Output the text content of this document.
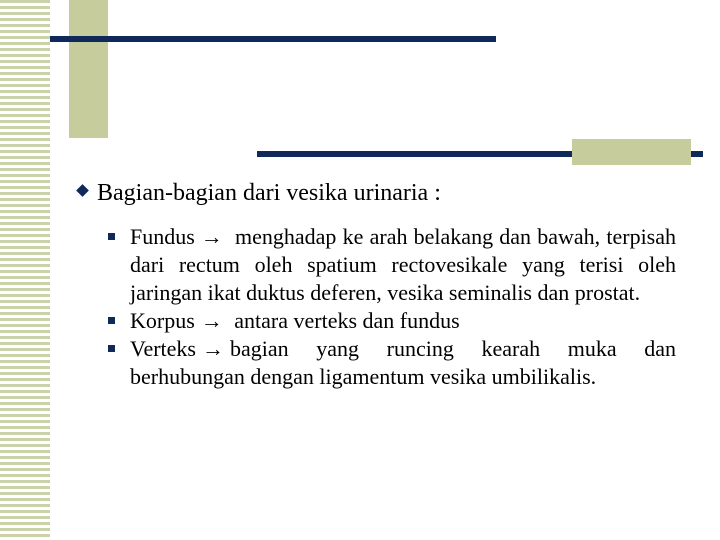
Bagian-bagian dari vesika urinaria :
Fundus → menghadap ke arah belakang dan bawah, terpisah dari rectum oleh spatium rectovesikale yang terisi oleh jaringan ikat duktus deferen, vesika seminalis dan prostat.
Korpus → antara verteks dan fundus
Verteks → bagian yang runcing kearah muka dan berhubungan dengan ligamentum vesika umbilikalis.
